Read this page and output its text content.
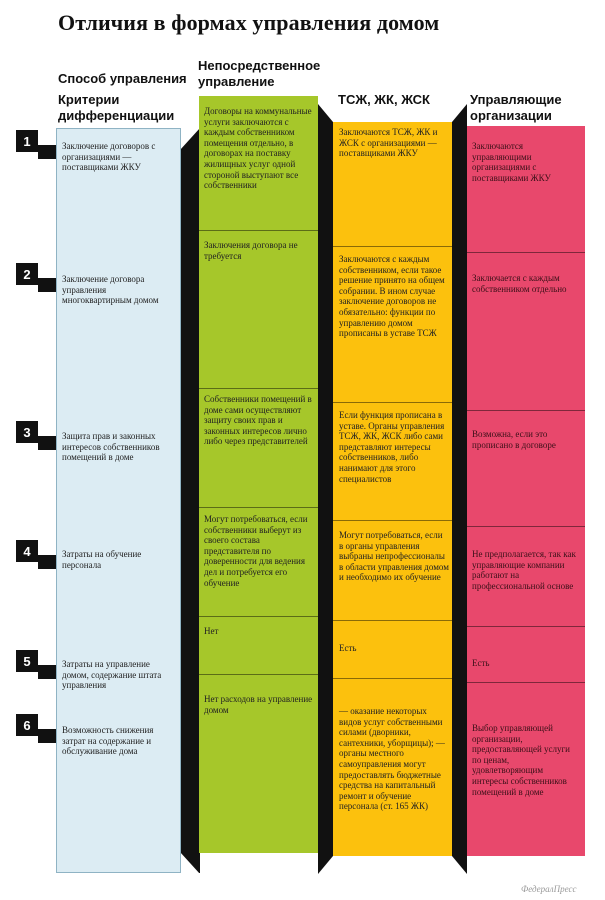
Отличия в формах управления домом
Способ управления
Критерии дифференциации
Непосредственное управление
ТСЖ, ЖК, ЖСК	Управляющие организации
1
2
3
4
5
6
Заключение договоров с организациями — поставщиками ЖКУ
Заключение договора управления многоквартирным домом
Защита прав и законных интересов собственников помещений в доме
Затраты на обучение персонала
Затраты на управление домом, содержание штата управления
Возможность снижения затрат на содержание и обслуживание дома
Договоры на коммунальные услуги заключаются с каждым собственником помещения отдельно, в договорах на поставку жилищных услуг одной стороной выступают все собственники
Заключения договора не требуется
Собственники помещений в доме сами осуществляют защиту своих прав и законных интересов лично либо через представителей
Могут потребоваться, если собственники выберут из своего состава представителя по доверенности для ведения дел и потребуется его обучение
Нет
Нет расходов на управление домом
Заключаются ТСЖ, ЖК и ЖСК с организациями — поставщиками ЖКУ
Заключаются с каждым собственником, если такое решение принято на общем собрании. В ином случае заключение договоров не обязательно: функции по управлению домом прописаны в уставе ТСЖ
Если функция прописана в уставе. Органы управления ТСЖ, ЖК, ЖСК либо сами представляют интересы собственников, либо нанимают для этого специалистов
Могут потребоваться, если в органы управления выбраны непрофессионалы в области управления домом и необходимо их обучение
Есть
— оказание некоторых видов услуг собственными силами (дворники, сантехники, уборщицы); — органы местного самоуправления могут предоставлять бюджетные средства на капитальный ремонт и обучение персонала (ст. 165 ЖК)
Заключаются управляющими организациями с поставщиками ЖКУ
Заключается с каждым собственником отдельно
Возможна, если это прописано в договоре
Не предполагается, так как управляющие компании работают на профессиональной основе
Есть
Выбор управляющей организации, предоставляющей услуги по ценам, удовлетворяющим интересы собственников помещений в доме
ФедералПресс
